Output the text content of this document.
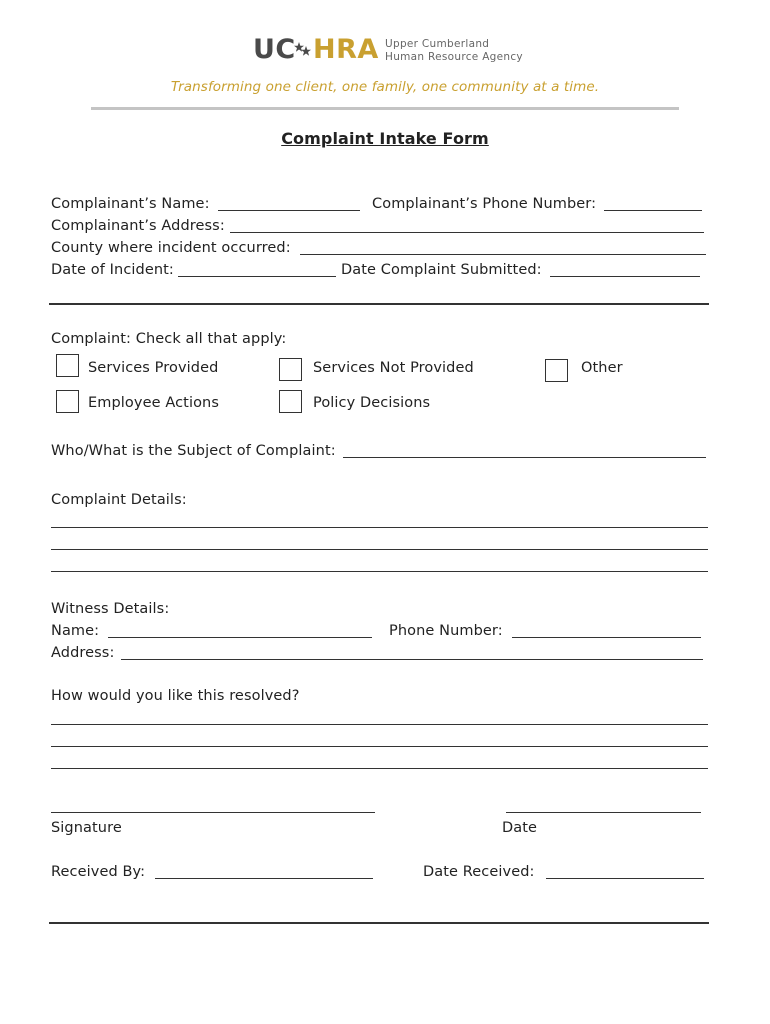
UC HRA Upper Cumberland
Human Resource Agency
Transforming one client, one family, one community at a time.
Complaint Intake Form
Complainant’s Name:	Complainant’s Phone Number:
Complainant’s Address:
County where incident occurred:
Date of Incident:	Date Complaint Submitted:
Complaint: Check all that apply:
Services Provided	Services Not Provided	Other
Employee Actions	Policy Decisions
Who/What is the Subject of Complaint:
Complaint Details:
Witness Details:
Name:	Phone Number:
Address:
How would you like this resolved?
Signature	Date
Received By:	Date Received:
